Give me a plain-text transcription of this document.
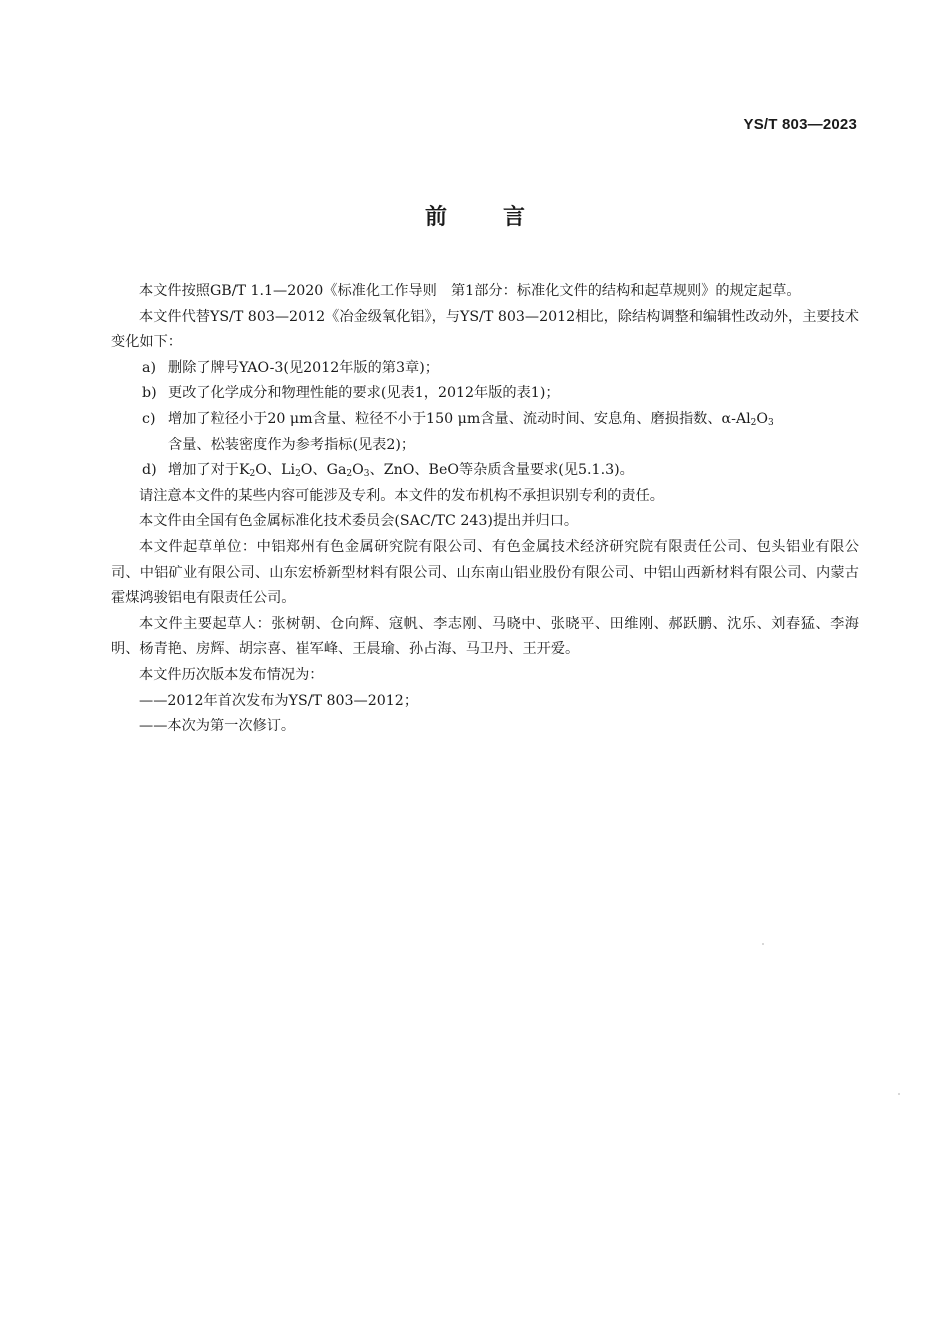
YS/T 803—2023
前言

本文件按照GB/T 1.1—2020《标准化工作导则　第1部分：标准化文件的结构和起草规则》的规定起草。

本文件代替YS/T 803—2012《冶金级氧化铝》，与YS/T 803—2012相比，除结构调整和编辑性改动外，主要技术变化如下：

a) 删除了牌号YAO-3(见2012年版的第3章)；

b) 更改了化学成分和物理性能的要求(见表1，2012年版的表1)；

c) 增加了粒径小于20 μm含量、粒径不小于150 μm含量、流动时间、安息角、磨损指数、$\alpha-Al_2O_3$
含量、松装密度作为参考指标(见表2)；

d) 增加了对于$K_2O$、$Li_2O$、$Ga_2O_3$、ZnO、BeO等杂质含量要求(见5.1.3)。

请注意本文件的某些内容可能涉及专利。本文件的发布机构不承担识别专利的责任。

本文件由全国有色金属标准化技术委员会(SAC/TC 243)提出并归口。

本文件起草单位：中铝郑州有色金属研究院有限公司、有色金属技术经济研究院有限责任公司、包头铝业有限公司、中铝矿业有限公司、山东宏桥新型材料有限公司、山东南山铝业股份有限公司、中铝山西新材料有限公司、内蒙古霍煤鸿骏铝电有限责任公司。

本文件主要起草人：张树朝、仓向辉、寇帆、李志刚、马晓中、张晓平、田维刚、郝跃鹏、沈乐、刘春猛、李海明、杨青艳、房辉、胡宗喜、崔军峰、王晨瑜、孙占海、马卫丹、王开爱。

本文件历次版本发布情况为：

——2012年首次发布为YS/T 803—2012；

——本次为第一次修订。
